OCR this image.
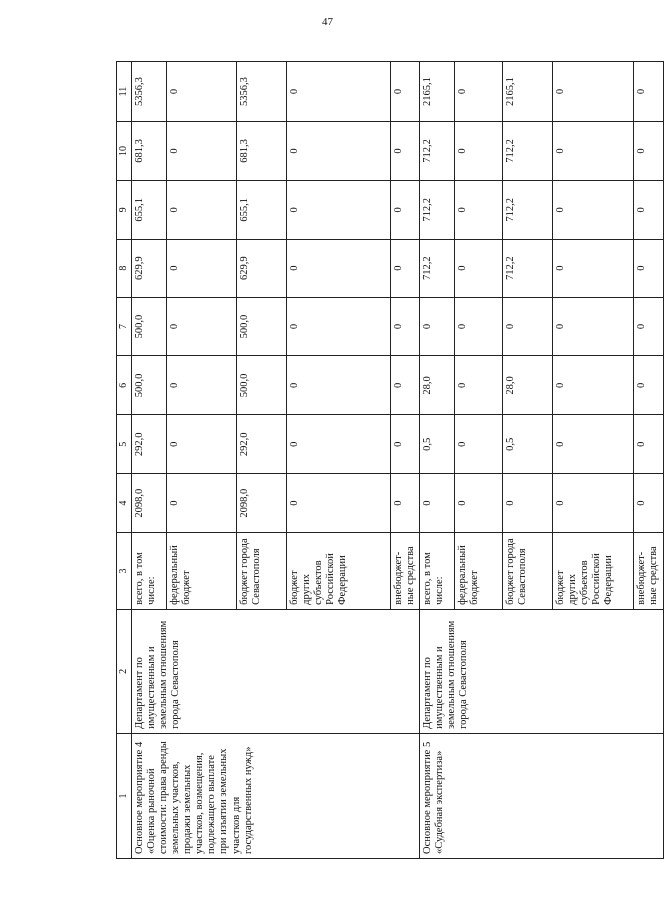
47
1	2	3	4	5	6	7	8	9	10	11
Основное мероприятие 4 «Оценка рыночной стоимости: права аренды земельных участков, продажи земельных участков, возмещения, подлежащего выплате при изъятии земельных участков для государственных нужд»	Департамент по имущественным и земельным отношениям города Севастополя	всего, в том числе:	2098,0	292,0	500,0	500,0	629,9	655,1	681,3	5356,3
		федеральный бюджет	0	0	0	0	0	0	0	0
		бюджет города Севастополя	2098,0	292,0	500,0	500,0	629,9	655,1	681,3	5356,3
		бюджет других субъектов Российской Федерации	0	0	0	0	0	0	0	0
		внебюджет-ные средства	0	0	0	0	0	0	0	0
Основное мероприятие 5 «Судебная экспертиза»	Департамент по имущественным и земельным отношениям города Севастополя	всего, в том числе:	0	0,5	28,0	0	712,2	712,2	712,2	2165,1
		федеральный бюджет	0	0	0	0	0	0	0	0
		бюджет города Севастополя	0	0,5	28,0	0	712,2	712,2	712,2	2165,1
		бюджет других субъектов Российской Федерации	0	0	0	0	0	0	0	0
		внебюджет-ные средства	0	0	0	0	0	0	0	0
